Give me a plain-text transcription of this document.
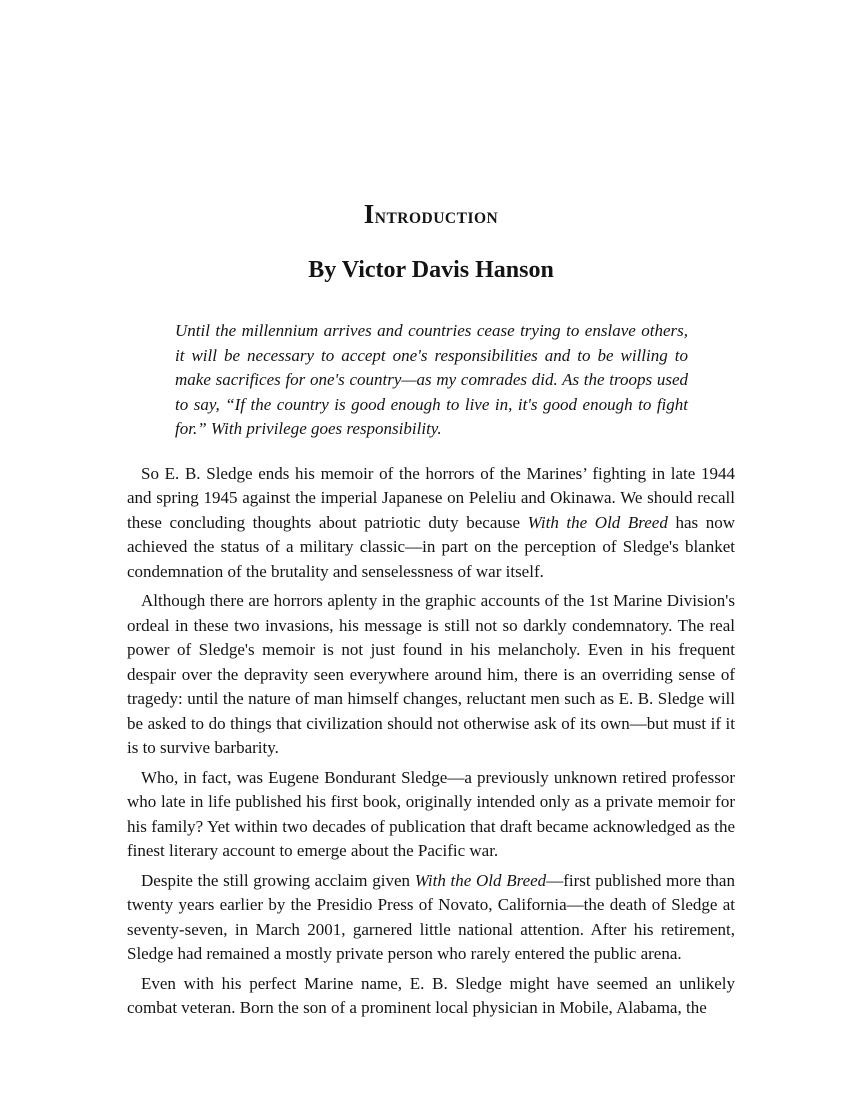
INTRODUCTION
By Victor Davis Hanson
Until the millennium arrives and countries cease trying to enslave others, it will be necessary to accept one's responsibilities and to be willing to make sacrifices for one's country—as my comrades did. As the troops used to say, “If the country is good enough to live in, it's good enough to fight for.” With privilege goes responsibility.

So E. B. Sledge ends his memoir of the horrors of the Marines’ fighting in late 1944 and spring 1945 against the imperial Japanese on Peleliu and Okinawa. We should recall these concluding thoughts about patriotic duty because With the Old Breed has now achieved the status of a military classic—in part on the perception of Sledge's blanket condemnation of the brutality and senselessness of war itself.

Although there are horrors aplenty in the graphic accounts of the 1st Marine Division's ordeal in these two invasions, his message is still not so darkly condemnatory. The real power of Sledge's memoir is not just found in his melancholy. Even in his frequent despair over the depravity seen everywhere around him, there is an overriding sense of tragedy: until the nature of man himself changes, reluctant men such as E. B. Sledge will be asked to do things that civilization should not otherwise ask of its own—but must if it is to survive barbarity.

Who, in fact, was Eugene Bondurant Sledge—a previously unknown retired professor who late in life published his first book, originally intended only as a private memoir for his family? Yet within two decades of publication that draft became acknowledged as the finest literary account to emerge about the Pacific war.

Despite the still growing acclaim given With the Old Breed—first published more than twenty years earlier by the Presidio Press of Novato, California—the death of Sledge at seventy-seven, in March 2001, garnered little national attention. After his retirement, Sledge had remained a mostly private person who rarely entered the public arena.

Even with his perfect Marine name, E. B. Sledge might have seemed an unlikely combat veteran. Born the son of a prominent local physician in Mobile, Alabama, the
